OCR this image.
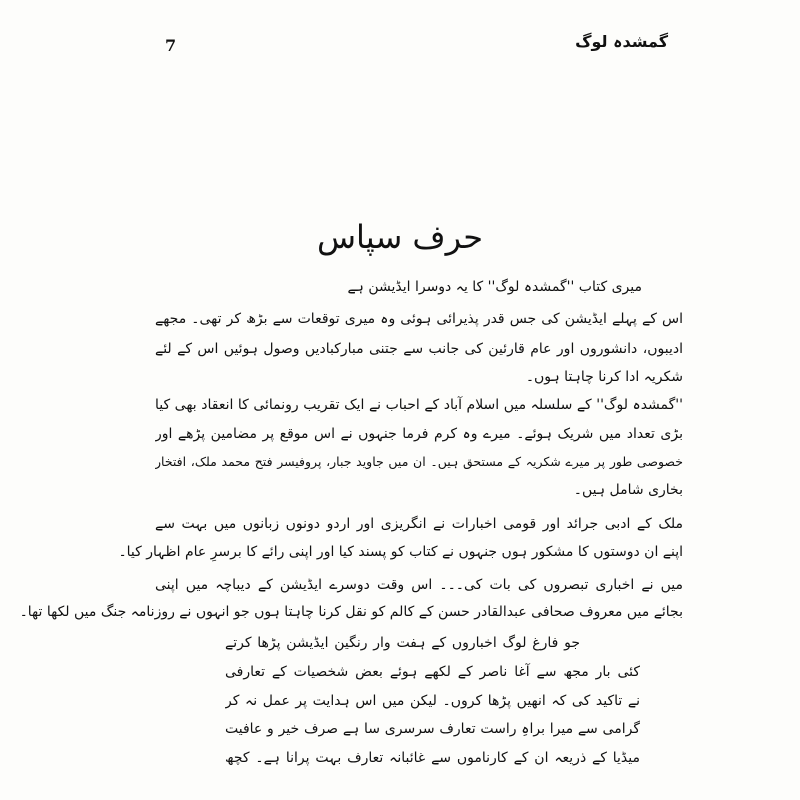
گمشدہ لوگ
7
حرف سپاس
میری کتاب ''گمشدہ لوگ'' کا یہ دوسرا ایڈیشن ہے
اس کے پہلے ایڈیشن کی جس قدر پذیرائی ہوئی وہ میری توقعات سے بڑھ کر تھی۔ مجھے
ادیبوں، دانشوروں اور عام قارئین کی جانب سے جتنی مبارکبادیں وصول ہوئیں اس کے لئے
شکریہ ادا کرنا چاہتا ہوں۔
''گمشدہ لوگ'' کے سلسلہ میں اسلام آباد کے احباب نے ایک تقریب رونمائی کا انعقاد بھی کیا
بڑی تعداد میں شریک ہوئے۔ میرے وہ کرم فرما جنہوں نے اس موقع پر مضامین پڑھے اور
خصوصی طور پر میرے شکریہ کے مستحق ہیں۔ ان میں جاوید جبار، پروفیسر فتح محمد ملک، افتخار
بخاری شامل ہیں۔
ملک کے ادبی جرائد اور قومی اخبارات نے انگریزی اور اردو دونوں زبانوں میں بہت سے
اپنے ان دوستوں کا مشکور ہوں جنہوں نے کتاب کو پسند کیا اور اپنی رائے کا برسرِ عام اظہار کیا۔
میں نے اخباری تبصروں کی بات کی۔۔۔ اس وقت دوسرے ایڈیشن کے دیباچہ میں اپنی
بجائے میں معروف صحافی عبدالقادر حسن کے کالم کو نقل کرنا چاہتا ہوں جو انہوں نے روزنامہ جنگ میں لکھا تھا۔
جو فارغ لوگ اخباروں کے ہفت وار رنگین ایڈیشن پڑھا کرتے
کئی بار مجھ سے آغا ناصر کے لکھے ہوئے بعض شخصیات کے تعارفی
نے تاکید کی کہ انھیں پڑھا کروں۔ لیکن میں اس ہدایت پر عمل نہ کر
گرامی سے میرا براہِ راست تعارف سرسری سا ہے صرف خیر و عافیت
میڈیا کے ذریعہ ان کے کارناموں سے غائبانہ تعارف بہت پرانا ہے۔ کچھ
